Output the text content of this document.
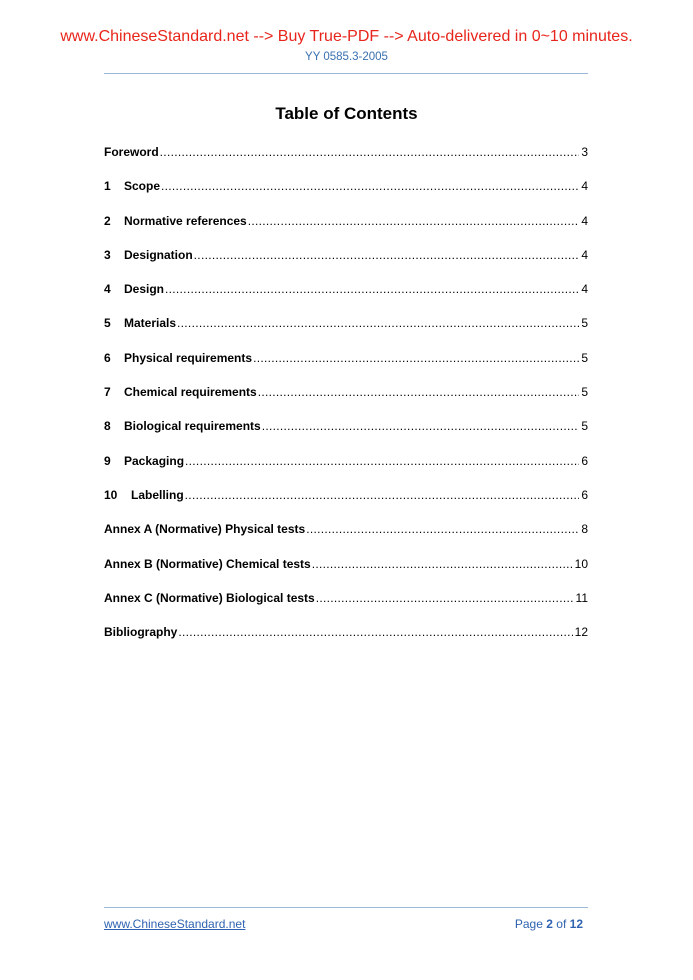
www.ChineseStandard.net --> Buy True-PDF --> Auto-delivered in 0~10 minutes.
YY 0585.3-2005
Table of Contents
Foreword .....	3
1	Scope .....	4
2	Normative references .....	4
3	Designation .....	4
4	Design .....	4
5	Materials .....	5
6	Physical requirements .....	5
7	Chemical requirements .....	5
8	Biological requirements .....	5
9	Packaging .....	6
10	Labelling .....	6
Annex A (Normative) Physical tests .....	8
Annex B (Normative) Chemical tests .....	10
Annex C (Normative) Biological tests .....	11
Bibliography .....	12
www.ChineseStandard.net	Page 2 of 12
